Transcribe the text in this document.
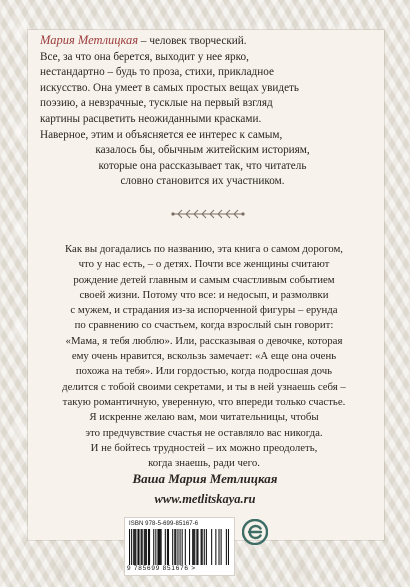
Мария Метлицкая – человек творческий.
Все, за что она берется, выходит у нее ярко,
нестандартно – будь то проза, стихи, прикладное
искусство. Она умеет в самых простых вещах увидеть
поэзию, а невзрачные, тусклые на первый взгляд
картины расцветить неожиданными красками.
Наверное, этим и объясняется ее интерес к самым,
казалось бы, обычным житейским историям,
которые она рассказывает так, что читатель
словно становится их участником.
Как вы догадались по названию, эта книга о самом дорогом,
что у нас есть, – о детях. Почти все женщины считают
рождение детей главным и самым счастливым событием
своей жизни. Потому что все: и недосып, и размолвки
с мужем, и страдания из-за испорченной фигуры – ерунда
по сравнению со счастьем, когда взрослый сын говорит:
«Мама, я тебя люблю». Или, рассказывая о девочке, которая
ему очень нравится, вскользь замечает: «А еще она очень
похожа на тебя». Или гордостью, когда подросшая дочь
делится с тобой своими секретами, и ты в ней узнаешь себя –
такую романтичную, уверенную, что впереди только счастье.
Я искренне желаю вам, мои читательницы, чтобы
это предчувствие счастья не оставляло вас никогда.
И не бойтесь трудностей – их можно преодолеть,
когда знаешь, ради чего.
Ваша Мария Метлицкая
www.metlitskaya.ru
ISBN 978-5-699-85167-6
9 785699 851676 >
